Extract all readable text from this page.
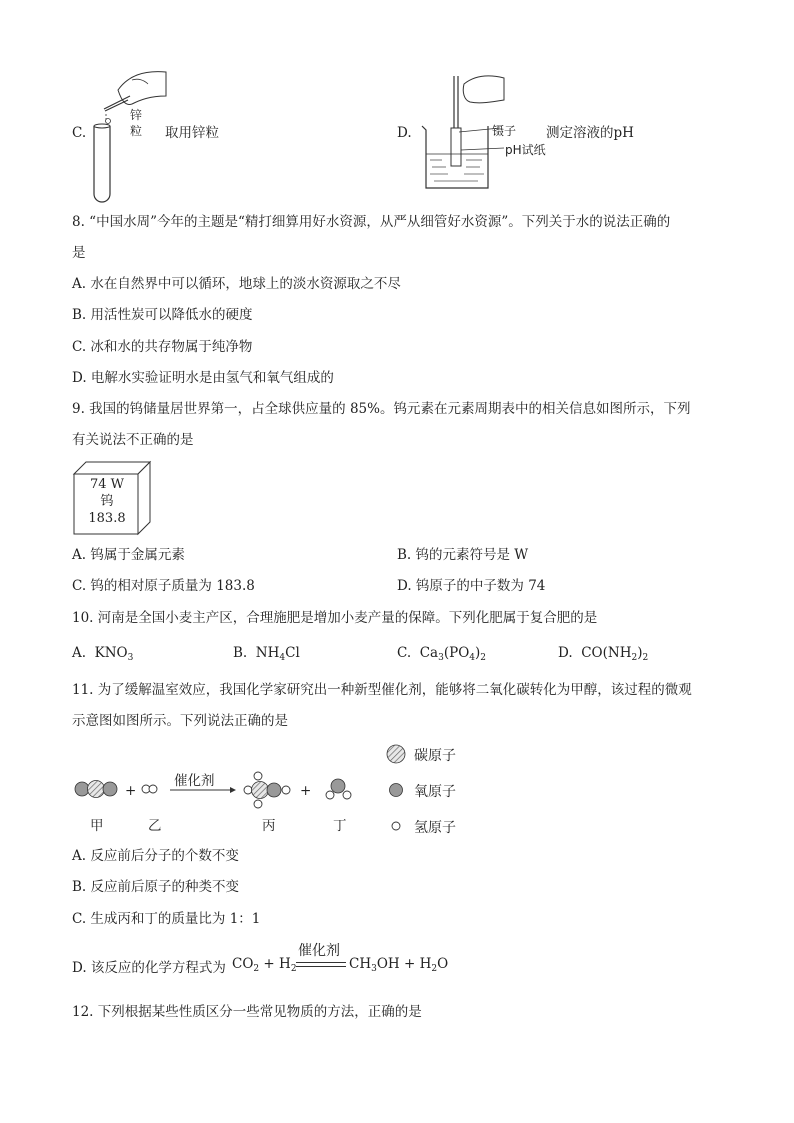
C.
锌
粒 取用锌粒	D.	镊子
pH试纸
测定溶液的pH
8. “中国水周”今年的主题是“精打细算用好水资源，从严从细管好水资源”。下列关于水的说法正确的
是
A. 水在自然界中可以循环，地球上的淡水资源取之不尽
B. 用活性炭可以降低水的硬度
C. 冰和水的共存物属于纯净物
D. 电解水实验证明水是由氢气和氧气组成的
9. 我国的钨储量居世界第一，占全球供应量的 85%。钨元素在元素周期表中的相关信息如图所示，下列
有关说法不正确的是
74 W
钨
183.8
A. 钨属于金属元素	B. 钨的元素符号是 W
C. 钨的相对原子质量为 183.8	D. 钨原子的中子数为 74
10. 河南是全国小麦主产区，合理施肥是增加小麦产量的保障。下列化肥属于复合肥的是
A.  $KNO_3$	B.  $NH_4Cl$	C.  $Ca_3(PO_4)_2$	D.  $CO(NH_2)_2$
11. 为了缓解温室效应，我国化学家研究出一种新型催化剂，能够将二氧化碳转化为甲醇，该过程的微观
示意图如图所示。下列说法正确的是
+
催化剂
+
甲	乙	丙	丁
碳原子
氧原子
氢原子
A. 反应前后分子的个数不变
B. 反应前后原子的种类不变
C. 生成丙和丁的质量比为 1：1
D. 该反应的化学方程式为 $CO_2 + H_2$
催化剂
$CH_3OH + H_2O$
12. 下列根据某些性质区分一些常见物质的方法，正确的是
